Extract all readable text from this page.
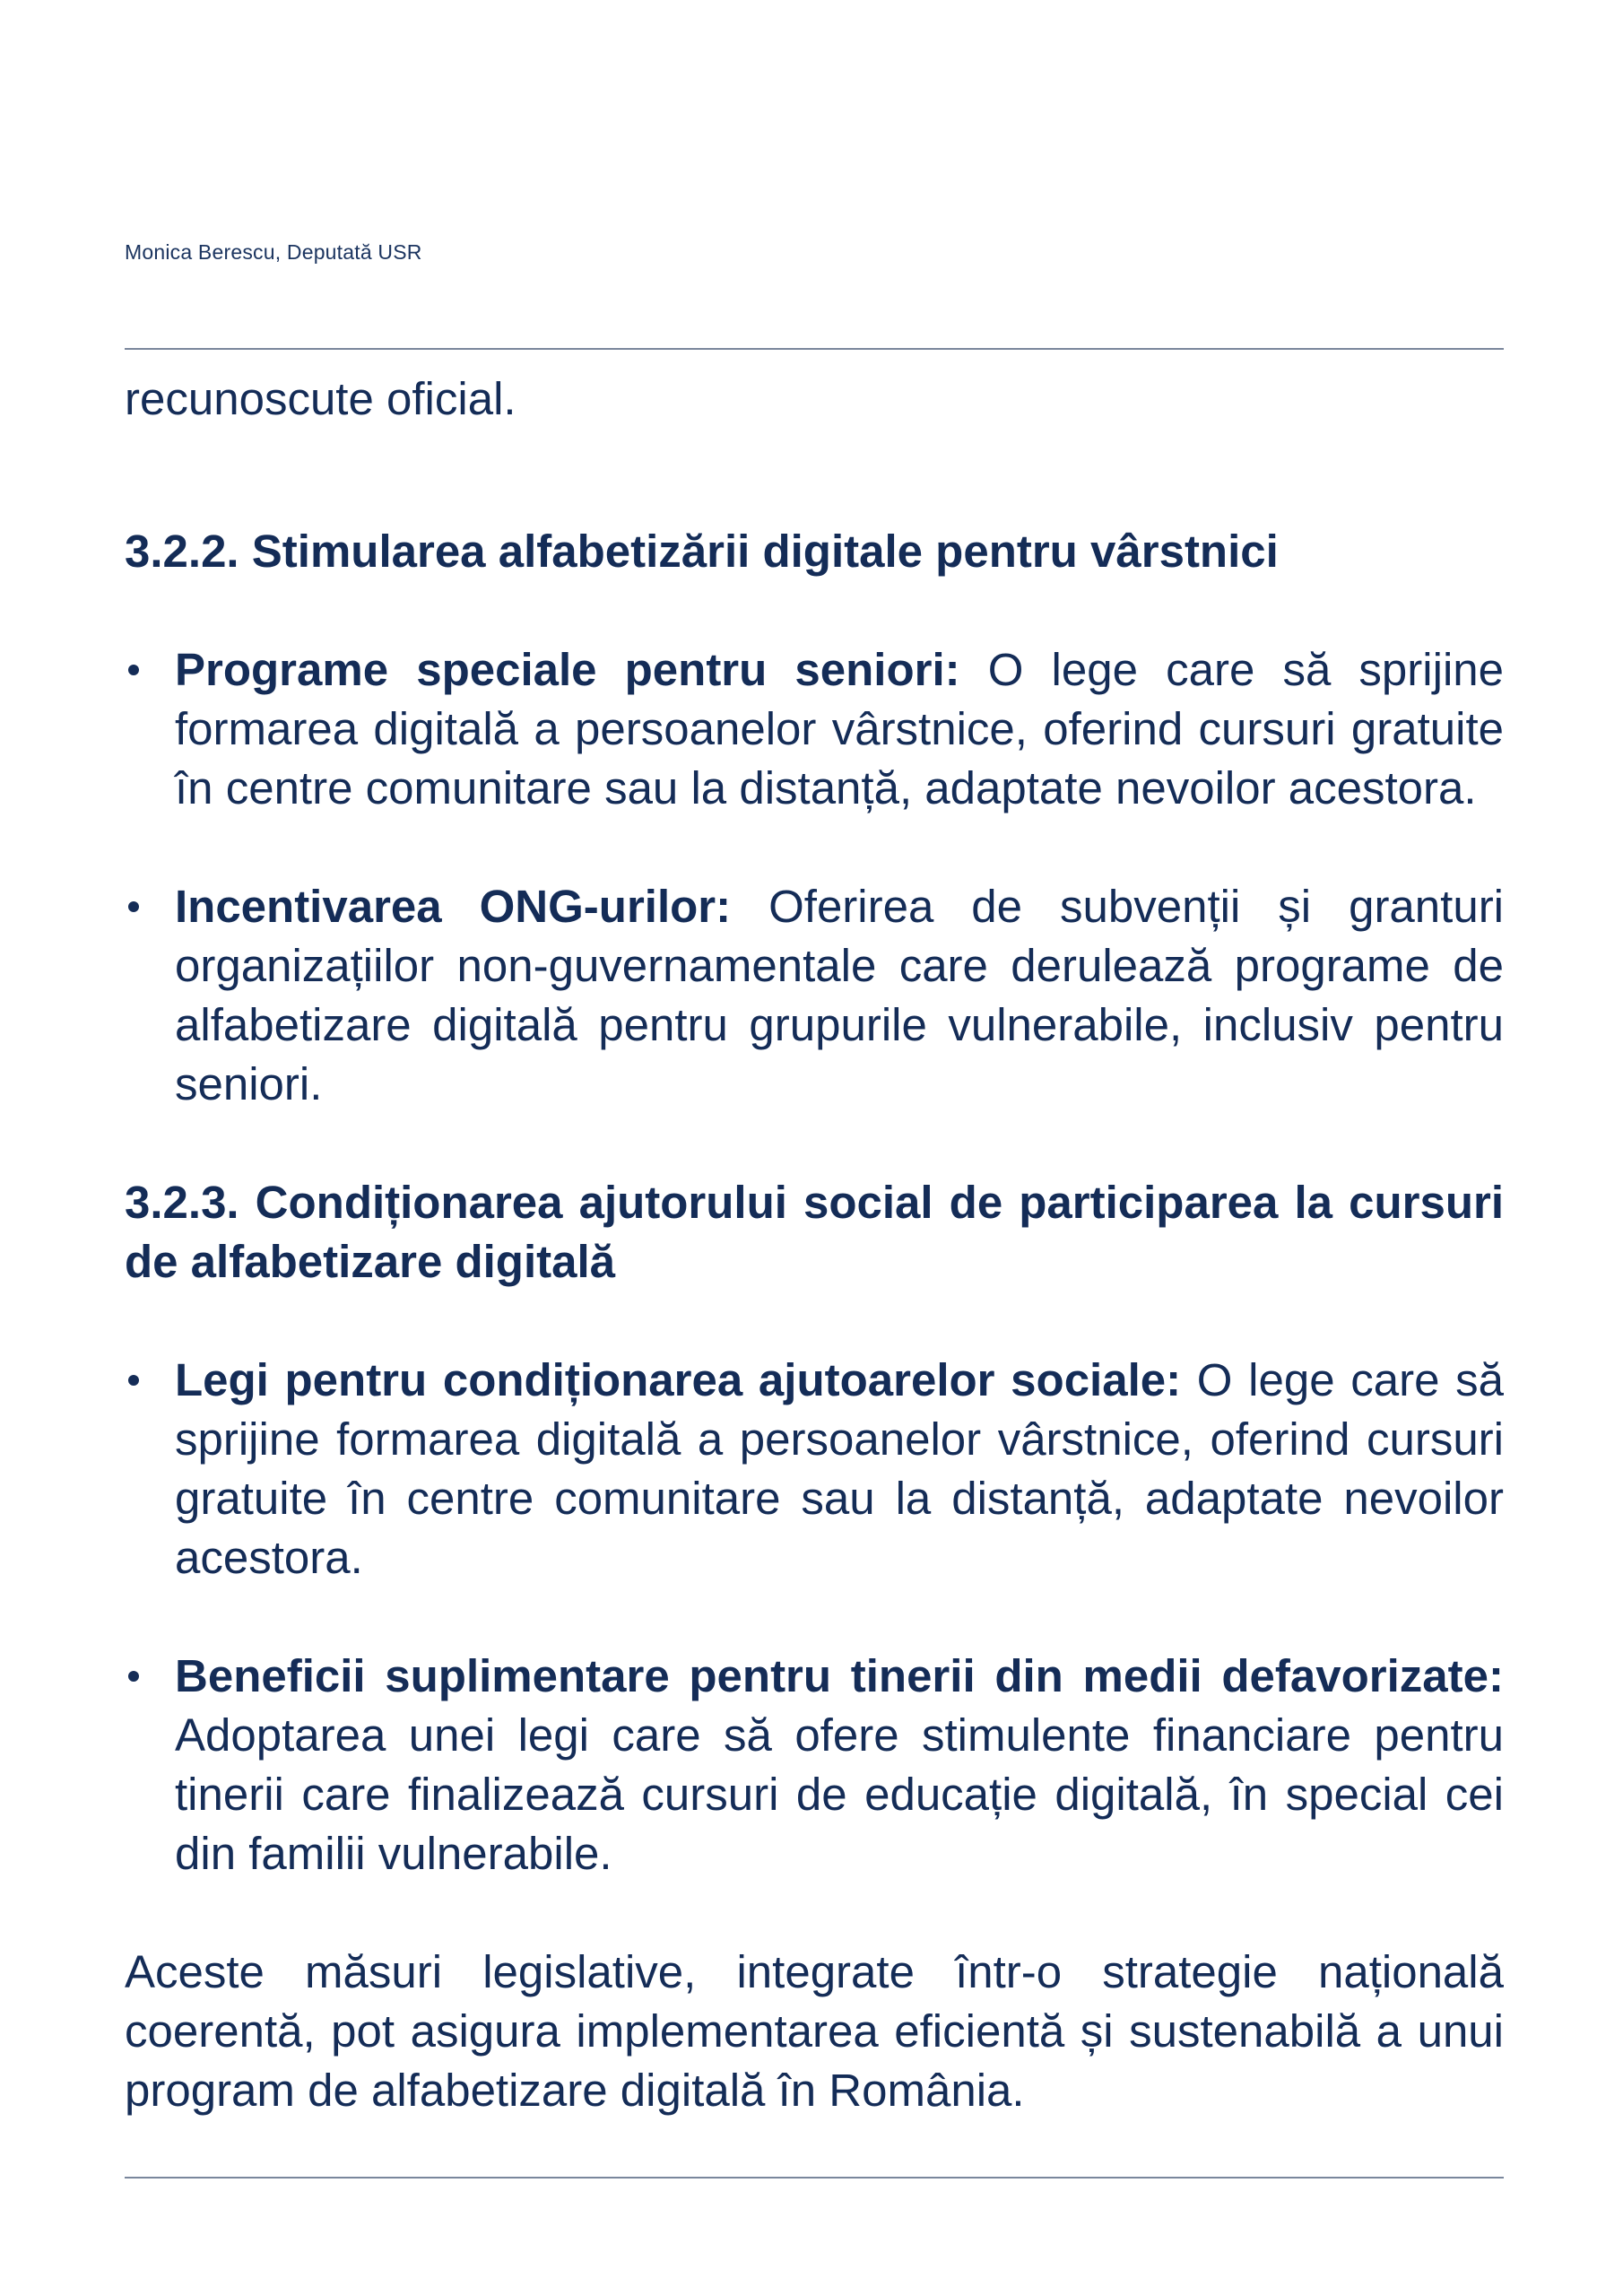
Monica Berescu, Deputată USR

recunoscute oficial.

3.2.2. Stimularea alfabetizării digitale pentru vârstnici
Programe speciale pentru seniori: O lege care să sprijine formarea digitală a persoanelor vârstnice, oferind cursuri gratuite în centre comunitare sau la distanță, adaptate nevoilor acestora.
Incentivarea ONG-urilor: Oferirea de subvenții și granturi organizațiilor non-guvernamentale care derulează programe de alfabetizare digitală pentru grupurile vulnerabile, inclusiv pentru seniori.
3.2.3. Condiționarea ajutorului social de participarea la cursuri de alfabetizare digitală
Legi pentru condiționarea ajutoarelor sociale: O lege care să sprijine formarea digitală a persoanelor vârstnice, oferind cursuri gratuite în centre comunitare sau la distanță, adaptate nevoilor acestora.
Beneficii suplimentare pentru tinerii din medii defavorizate: Adoptarea unei legi care să ofere stimulente financiare pentru tinerii care finalizează cursuri de educație digitală, în special cei din familii vulnerabile.

Aceste măsuri legislative, integrate într-o strategie națională coerentă, pot asigura implementarea eficientă și sustenabilă a unui program de alfabetizare digitală în România.
